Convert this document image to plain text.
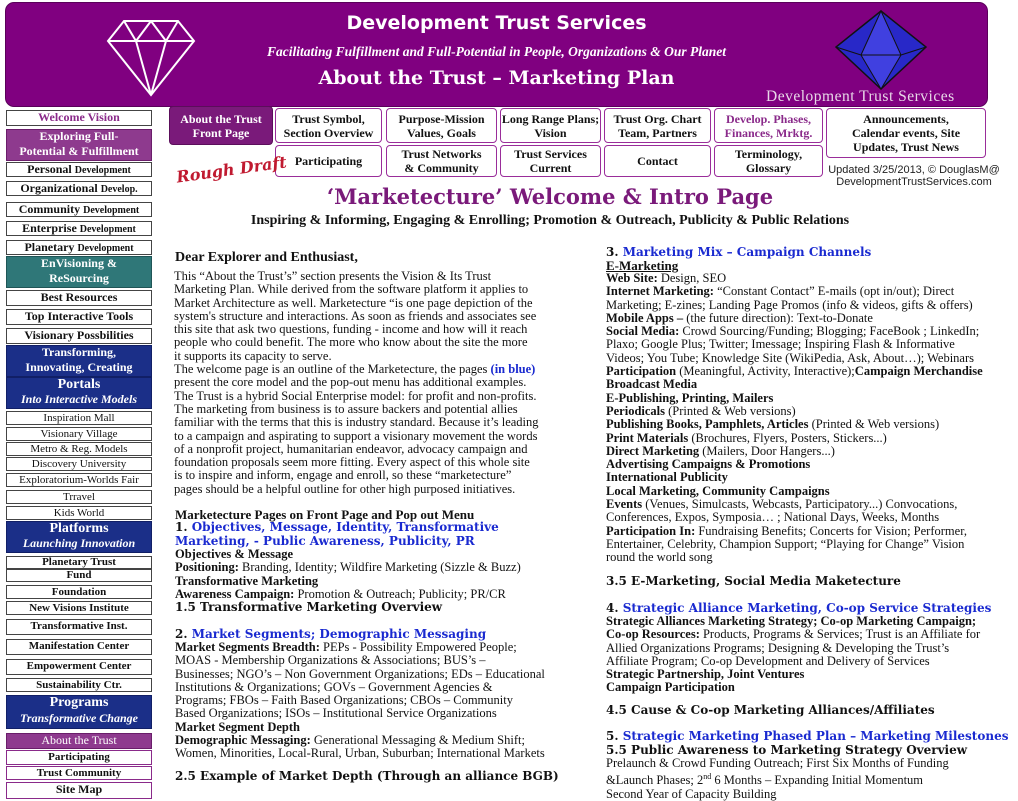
Development Trust Services
Facilitating Fulfillment and Full-Potential in People, Organizations & Our Planet
About the Trust – Marketing Plan
Development Trust Services
About the Trust Front Page
Trust Symbol, Section Overview
Purpose-Mission Values, Goals
Long Range Plans; Vision
Trust Org. Chart Team, Partners
Develop. Phases, Finances, Mrktg.
Announcements, Calendar events, Site Updates, Trust News
Participating	Trust Networks & Community
Trust Services Current	Contact	Terminology, Glossary	Updated 3/25/2013, © DouglasM@
DevelopmentTrustServices.com
Rough Draft
Welcome Vision
Exploring Full-
Potential & Fulfillment
Personal Development
Organizational Develop.
Community Development
Enterprise Development
Planetary Development
EnVisioning &
ReSourcing
Best Resources
Top Interactive Tools
Visionary Possbilities
Transforming,
Innovating, Creating
Portals
Into Interactive Models
Inspiration Mall
Visionary Village
Metro & Reg. Models
Discovery University
Exploratorium-Worlds Fair
Trravel
Kids World
Platforms
Launching Innovation
Planetary Trust
Fund
Foundation
New Visions Institute
Transformative Inst.
Manifestation Center
Empowerment Center
Sustainability Ctr.
Programs
Transformative Change
About the Trust
Participating
Trust Community
Site Map
‘Marketecture’ Welcome & Intro Page
Inspiring & Informing, Engaging & Enrolling; Promotion & Outreach, Publicity & Public Relations
Dear Explorer and Enthusiast,
This “About the Trust’s” section presents the Vision & Its Trust
Marketing Plan. While derived from the software platform it applies to
Market Architecture as well. Marketecture “is one page depiction of the
system's structure and interactions. As soon as friends and associates see
this site that ask two questions, funding - income and how will it reach
people who could benefit. The more who know about the site the more
it supports its capacity to serve.
The welcome page is an outline of the Marketecture, the pages (in blue)
present the core model and the pop-out menu has additional examples.
The Trust is a hybrid Social Enterprise model: for profit and non-profits.
The marketing from business is to assure backers and potential allies
familiar with the terms that this is industry standard. Because it’s leading
to a campaign and aspirating to support a visionary movement the words
of a nonprofit project, humanitarian endeavor, advocacy campaign and
foundation proposals seem more fitting. Every aspect of this whole site
is to inspire and inform, engage and enroll, so these “marketecture”
pages should be a helpful outline for other high purposed initiatives.
Marketecture Pages on Front Page and Pop out Menu
1. Objectives, Message, Identity, Transformative
Marketing, - Public Awareness, Publicity, PR
Objectives & Message
Positioning: Branding, Identity; Wildfire Marketing (Sizzle & Buzz)
Transformative Marketing
Awareness Campaign: Promotion & Outreach; Publicity; PR/CR
1.5 Transformative Marketing Overview
2. Market Segments; Demographic Messaging
Market Segments Breadth: PEPs - Possibility Empowered People;
MOAS - Membership Organizations & Associations; BUS’s –
Businesses; NGO’s – Non Government Organizations; EDs – Educational
Institutions & Organizations; GOVs – Government Agencies &
Programs; FBOs – Faith Based Organizations; CBOs – Community
Based Organizations; ISOs – Institutional Service Organizations
Market Segment Depth
Demographic Messaging: Generational Messaging & Medium Shift;
Women, Minorities, Local-Rural, Urban, Suburban; International Markets
2.5 Example of Market Depth (Through an alliance BGB)
3. Marketing Mix – Campaign Channels
E-Marketing
Web Site: Design, SEO
Internet Marketing: “Constant Contact” E-mails (opt in/out); Direct
Marketing; E-zines; Landing Page Promos (info & videos, gifts & offers)
Mobile Apps – (the future direction): Text-to-Donate
Social Media: Crowd Sourcing/Funding; Blogging; FaceBook ; LinkedIn;
Plaxo; Google Plus; Twitter; Imessage; Inspiring Flash & Informative
Videos; You Tube; Knowledge Site (WikiPedia, Ask, About…); Webinars
Participation (Meaningful, Activity, Interactive);Campaign Merchandise
Broadcast Media
E-Publishing, Printing, Mailers
Periodicals (Printed & Web versions)
Publishing Books, Pamphlets, Articles (Printed & Web versions)
Print Materials (Brochures, Flyers, Posters, Stickers...)
Direct Marketing (Mailers, Door Hangers...)
Advertising Campaigns & Promotions
International Publicity
Local Marketing, Community Campaigns
Events (Venues, Simulcasts, Webcasts, Participatory...) Convocations,
Conferences, Expos, Symposia… ; National Days, Weeks, Months
Participation In: Fundraising Benefits; Concerts for Vision; Performer,
Entertainer, Celebrity, Champion Support; “Playing for Change” Vision
round the world song
3.5 E-Marketing, Social Media Maketecture
4. Strategic Alliance Marketing, Co-op Service Strategies
Strategic Alliances Marketing Strategy; Co-op Marketing Campaign;
Co-op Resources: Products, Programs & Services; Trust is an Affiliate for
Allied Organizations Programs; Designing & Developing the Trust’s
Affiliate Program; Co-op Development and Delivery of Services
Strategic Partnership, Joint Ventures
Campaign Participation
4.5 Cause & Co-op Marketing Alliances/Affiliates
5. Strategic Marketing Phased Plan – Marketing Milestones
5.5 Public Awareness to Marketing Strategy Overview
Prelaunch & Crowd Funding Outreach; First Six Months of Funding
&Launch Phases; 2nd 6 Months – Expanding Initial Momentum
Second Year of Capacity Building
